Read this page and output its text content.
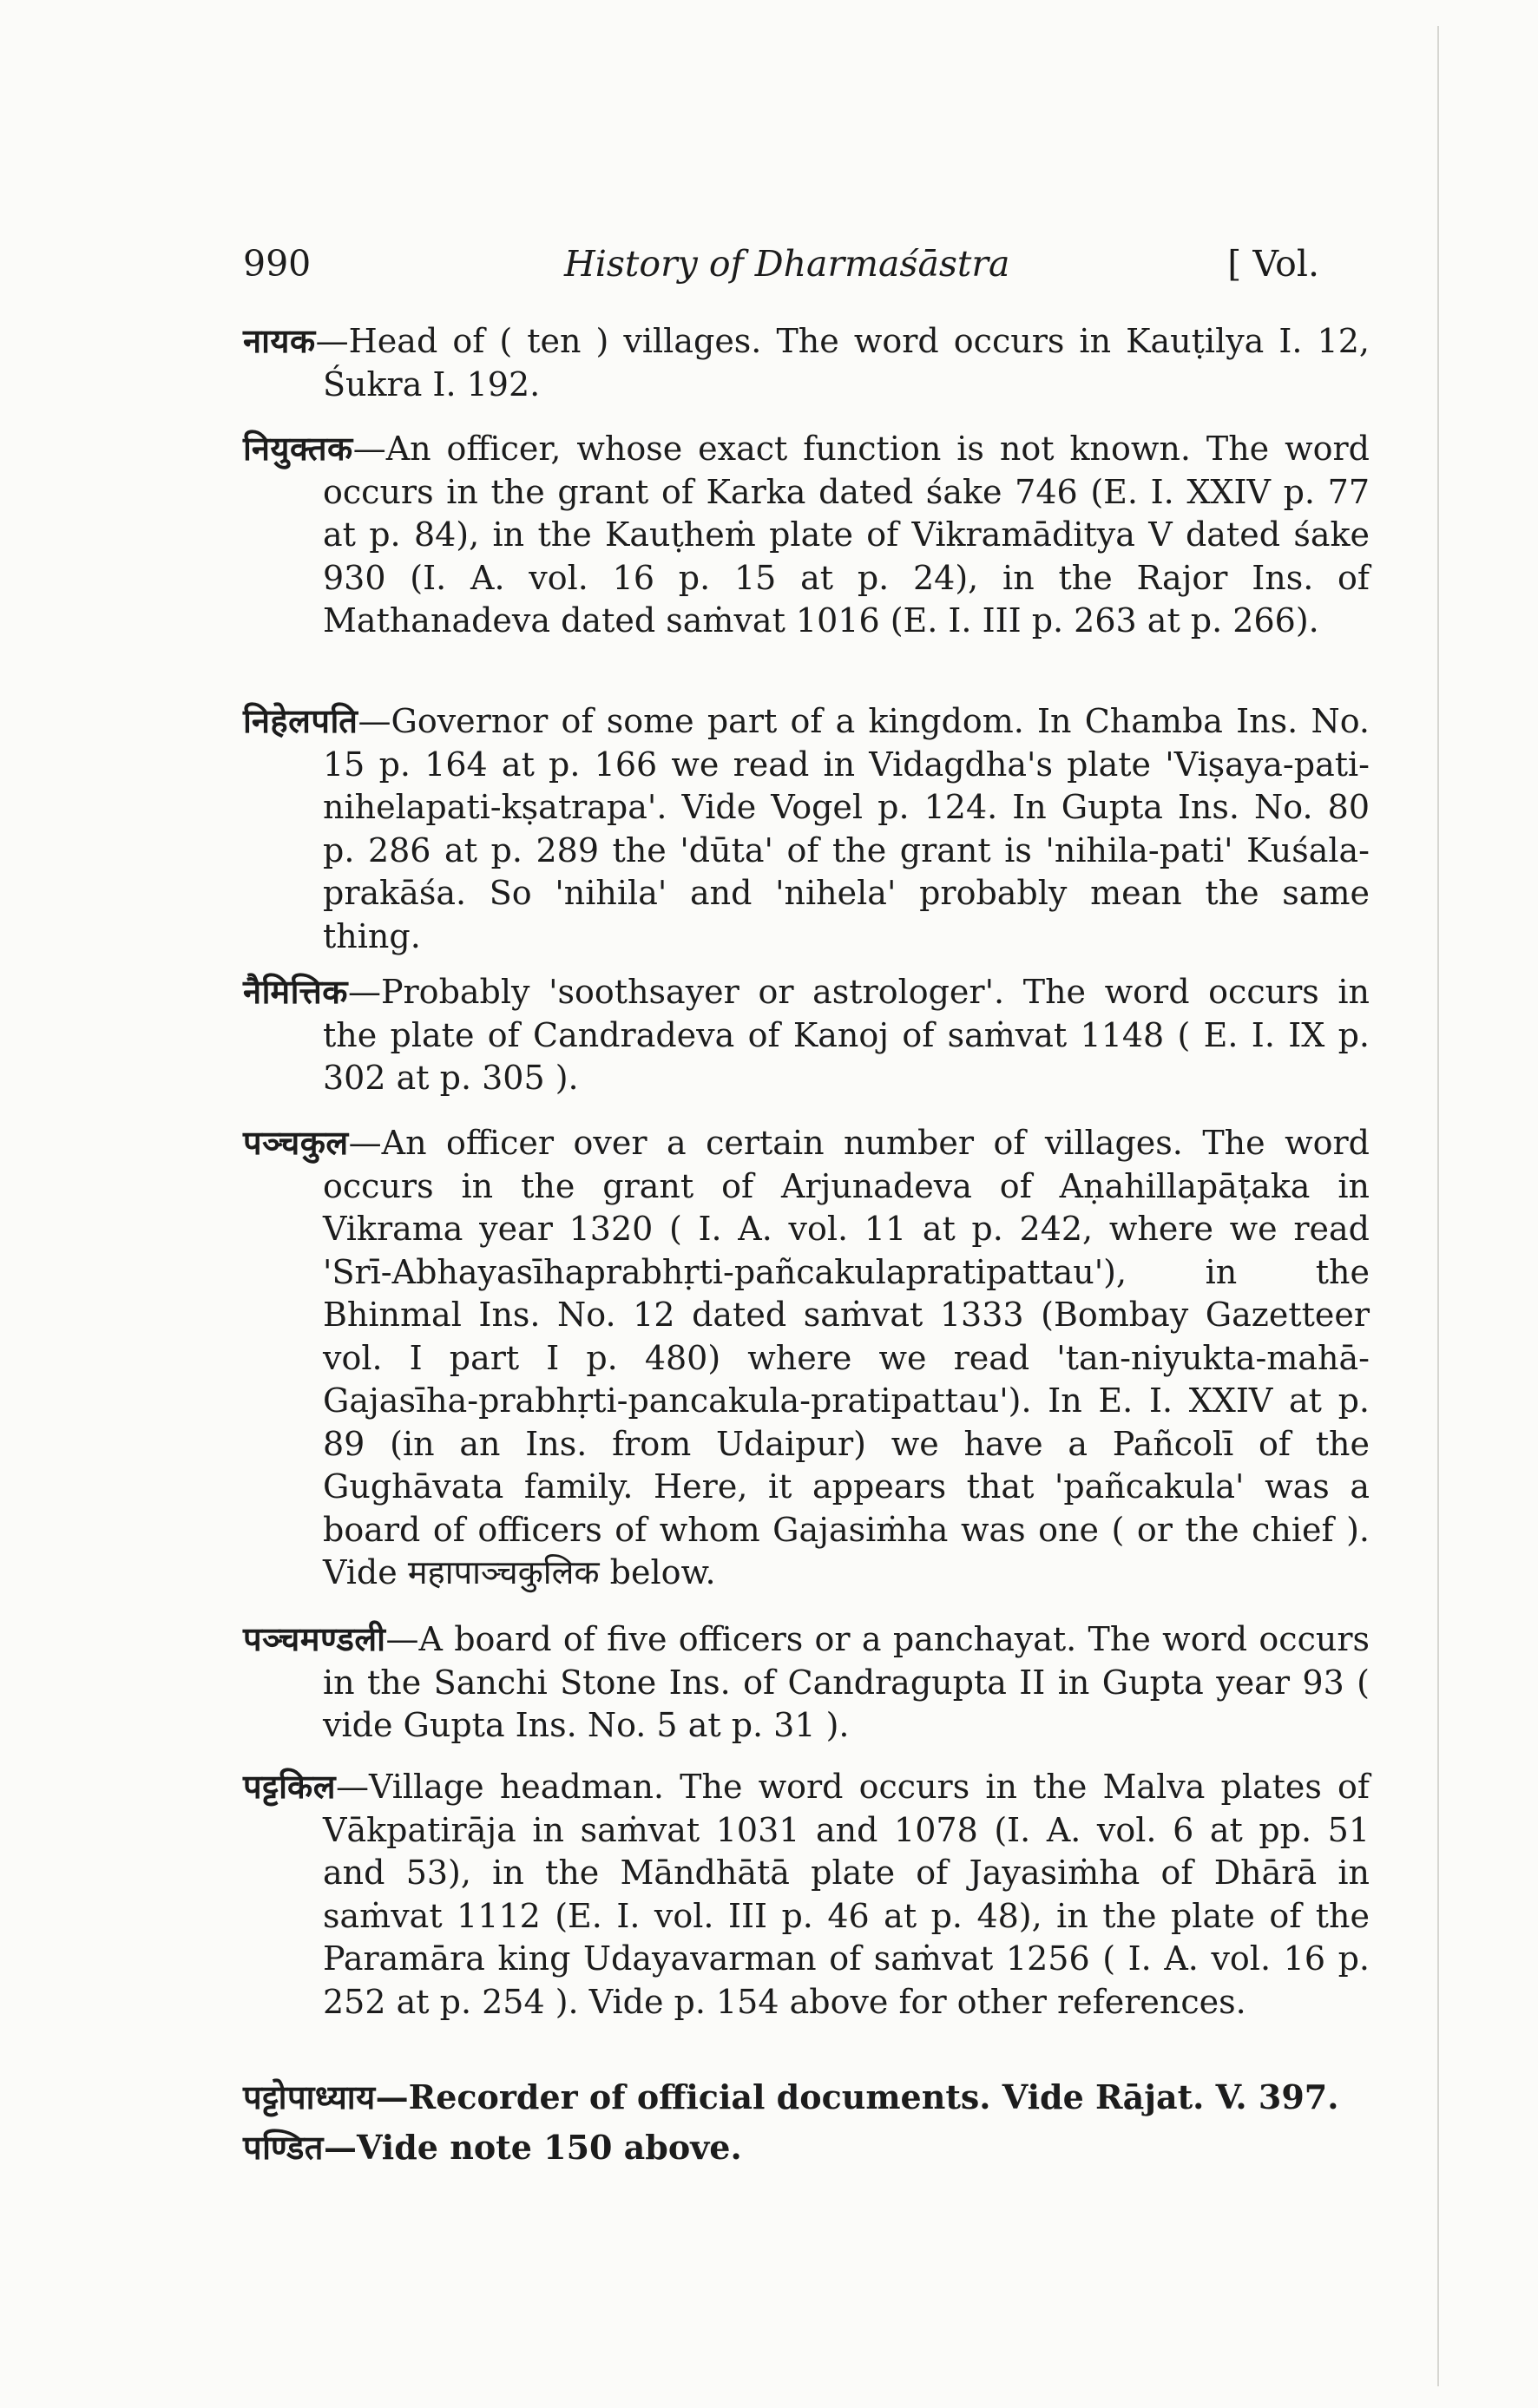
990	History of Dharmaśāstra	[ Vol.
नायक—Head of ( ten ) villages. The word occurs in Kauṭilya I. 12, Śukra I. 192.
नियुक्तक—An officer, whose exact function is not known. The word occurs in the grant of Karka dated śake 746 (E. I. XXIV p. 77 at p. 84), in the Kauṭheṁ plate of Vikramāditya V dated śake 930 (I. A. vol. 16 p. 15 at p. 24), in the Rajor Ins. of Mathanadeva dated saṁvat 1016 (E. I. III p. 263 at p. 266).
निहेलपति—Governor of some part of a kingdom. In Chamba Ins. No. 15 p. 164 at p. 166 we read in Vidagdha's plate 'Viṣaya-pati-nihelapati-kṣatrapa'. Vide Vogel p. 124. In Gupta Ins. No. 80 p. 286 at p. 289 the 'dūta' of the grant is 'nihila-pati' Kuśala-prakāśa. So 'nihila' and 'nihela' probably mean the same thing.
नैमित्तिक—Probably 'soothsayer or astrologer'. The word occurs in the plate of Candradeva of Kanoj of saṁvat 1148 ( E. I. IX p. 302 at p. 305 ).
पञ्चकुल—An officer over a certain number of villages. The word occurs in the grant of Arjunadeva of Aṇahillapāṭaka in Vikrama year 1320 ( I. A. vol. 11 at p. 242, where we read 'Srī-Abhayasīhaprabhṛti-pañcakulapratipattau'), in the Bhinmal Ins. No. 12 dated saṁvat 1333 (Bombay Gazetteer vol. I part I p. 480) where we read 'tan-niyukta-mahā-Gajasīha-prabhṛti-pancakula-pratipattau'). In E. I. XXIV at p. 89 (in an Ins. from Udaipur) we have a Pañcolī of the Gughāvata family. Here, it appears that 'pañcakula' was a board of officers of whom Gajasiṁha was one ( or the chief ). Vide महापाञ्चकुलिक below.
पञ्चमण्डली—A board of five officers or a panchayat. The word occurs in the Sanchi Stone Ins. of Candragupta II in Gupta year 93 ( vide Gupta Ins. No. 5 at p. 31 ).
पट्टकिल—Village headman. The word occurs in the Malva plates of Vākpatirāja in saṁvat 1031 and 1078 (I. A. vol. 6 at pp. 51 and 53), in the Māndhātā plate of Jayasiṁha of Dhārā in saṁvat 1112 (E. I. vol. III p. 46 at p. 48), in the plate of the Paramāra king Udayavarman of saṁvat 1256 ( I. A. vol. 16 p. 252 at p. 254 ). Vide p. 154 above for other references.
पट्टोपाध्याय—Recorder of official documents. Vide Rājat. V. 397.
पण्डित—Vide note 150 above.
